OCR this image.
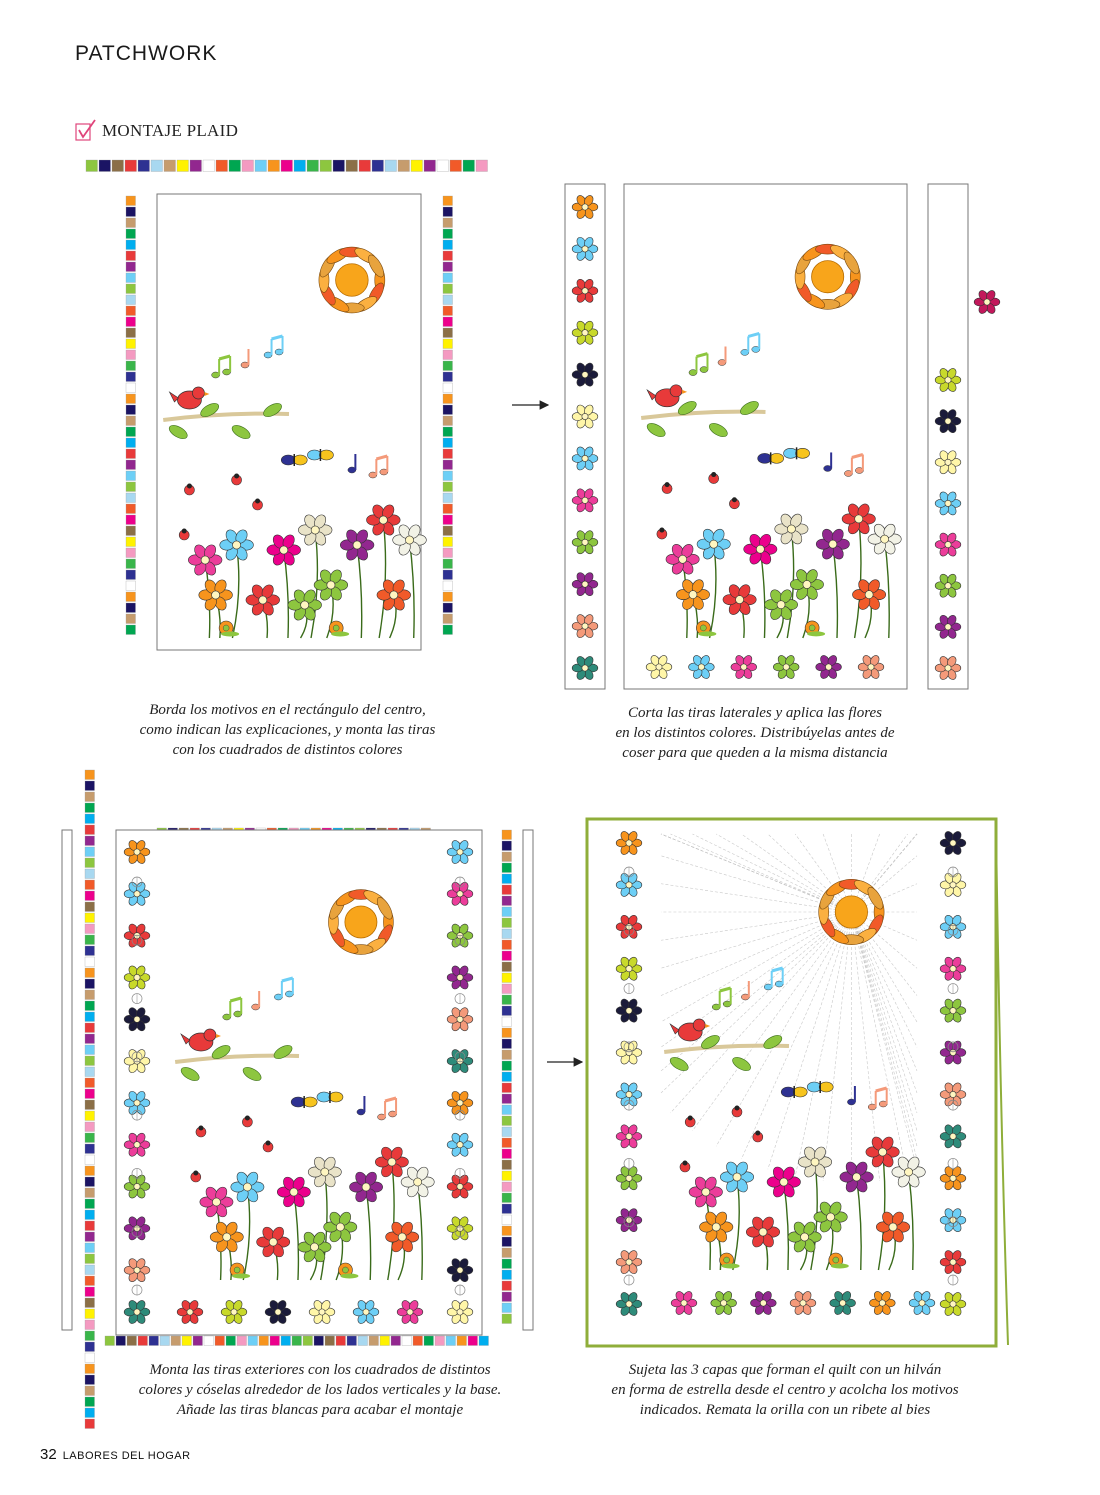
PATCHWORK
MONTAJE PLAID
Borda los motivos en el rectángulo del centro,
como indican las explicaciones, y monta las tiras
con los cuadrados de distintos colores
Corta las tiras laterales y aplica las flores
en los distintos colores. Distribúyelas antes de
coser para que queden a la misma distancia
Monta las tiras exteriores con los cuadrados de distintos
colores y cóselas alrededor de los lados verticales y la base.
Añade las tiras blancas para acabar el montaje
Sujeta las 3 capas que forman el quilt con un hilván
en forma de estrella desde el centro y acolcha los motivos
indicados. Remata la orilla con un ribete al bies
32 LABORES DEL HOGAR
